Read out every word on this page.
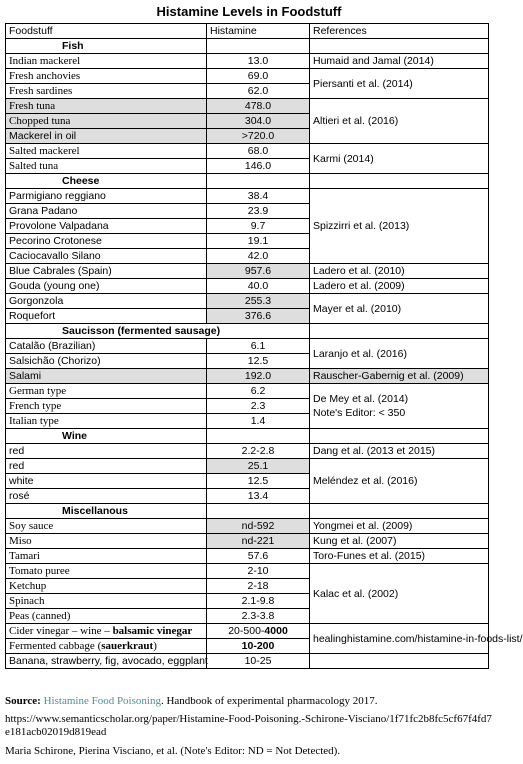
Histamine Levels in Foodstuff
Foodstuff	Histamine	References
Fish		
Indian mackerel	13.0	Humaid and Jamal (2014)
Fresh anchovies	69.0	Piersanti et al. (2014)
Fresh sardines	62.0	
Fresh tuna	478.0	Altieri et al. (2016)
Chopped tuna	304.0	
Mackerel in oil	>720.0	
Salted mackerel	68.0	Karmi (2014)
Salted tuna	146.0	
Cheese		
Parmigiano reggiano	38.4	Spizzirri et al. (2013)
Grana Padano	23.9	
Provolone Valpadana	9.7	
Pecorino Crotonese	19.1	
Caciocavallo Silano	42.0	
Blue Cabrales (Spain)	957.6	Ladero et al. (2010)
Gouda (young one)	40.0	Ladero et al. (2009)
Gorgonzola	255.3	Mayer et al. (2010)
Roquefort	376.6	
Saucisson (fermented sausage)		
Catalão (Brazilian)	6.1	Laranjo et al. (2016)
Salsichão (Chorizo)	12.5	
Salami	192.0	Rauscher-Gabernig et al. (2009)
German type	6.2	De Mey et al. (2014)
Note's Editor: < 350

French type	2.3	
Italian type	1.4	
Wine		
red	2.2-2.8	Dang et al. (2013 et 2015)
red	25.1	Meléndez et al. (2016)
white	12.5	
rosé	13.4	
Miscellanous		
Soy sauce	nd-592	Yongmei et al. (2009)
Miso	nd-221	Kung et al. (2007)
Tamari	57.6	Toro-Funes et al. (2015)
Tomato puree	2-10	Kalac et al. (2002)
Ketchup	2-18	
Spinach	2.1-9.8	
Peas (canned)	2.3-3.8	
Cider vinegar – wine – balsamic vinegar	20-500-4000	healinghistamine.com/histamine-in-foods-list/
Fermented cabbage (sauerkraut)	10-200	
Banana, strawberry, fig, avocado, eggplant	10-25	
Source: Histamine Food Poisoning. Handbook of experimental pharmacology 2017.
https://www.semanticscholar.org/paper/Histamine-Food-Poisoning.-Schirone-Visciano/1f71fc2b8fc5cf67f4fd7e181acb02019d819ead
Maria Schirone, Pierina Visciano, et al. (Note's Editor: ND = Not Detected).
